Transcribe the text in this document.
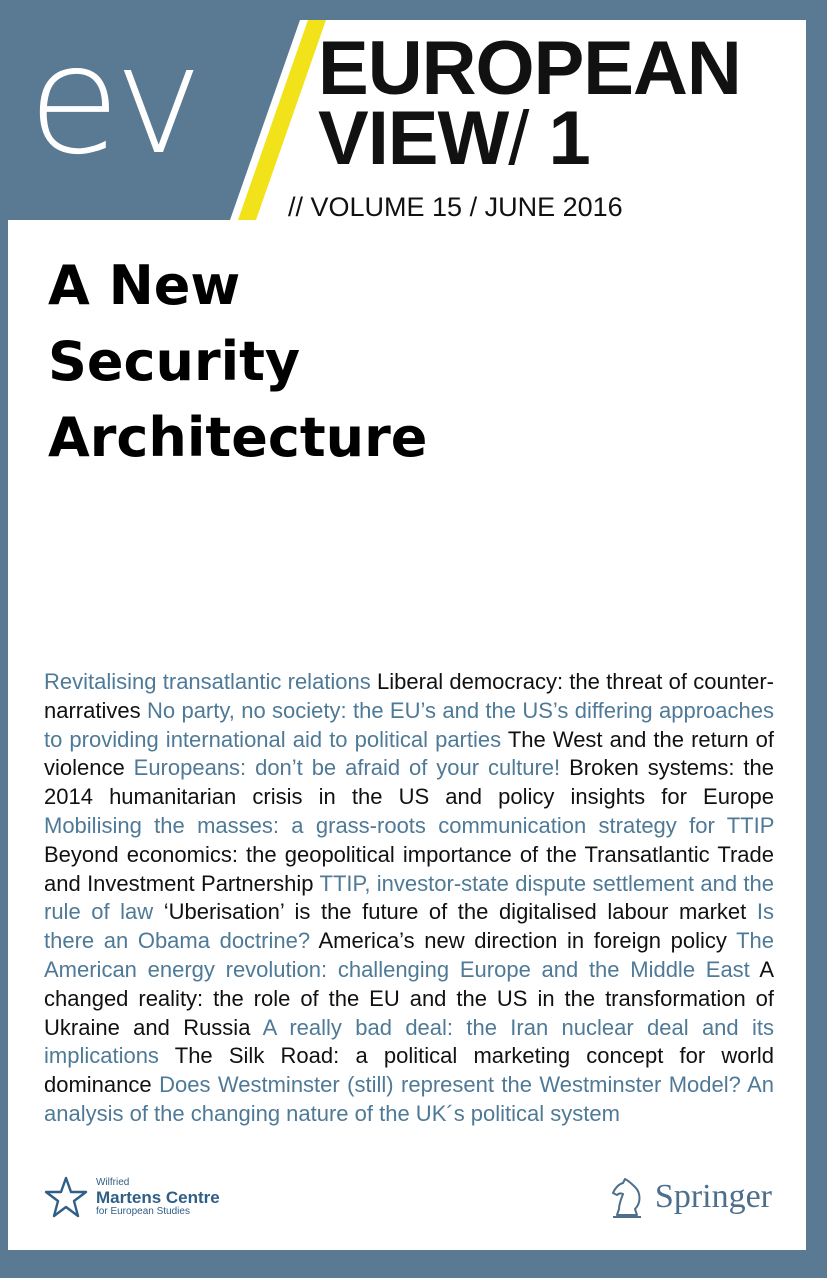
ev EUROPEAN
VIEW/ 1
// VOLUME 15 / JUNE 2016
A New
Security
Architecture
Revitalising transatlantic relations Liberal democracy: the threat of counter-narratives No party, no society: the EU’s and the US’s differing approaches to providing international aid to political parties The West and the return of violence Europeans: don’t be afraid of your culture! Broken systems: the 2014 humanitarian crisis in the US and policy insights for Europe Mobilising the masses: a grass-roots communication strategy for TTIP Beyond economics: the geopolitical importance of the Transatlantic Trade and Investment Partnership TTIP, investor-state dispute settlement and the rule of law ‘Uberisation’ is the future of the digitalised labour market Is there an Obama doctrine? America’s new direction in foreign policy The American energy revolution: challenging Europe and the Middle East A changed reality: the role of the EU and the US in the transformation of Ukraine and Russia A really bad deal: the Iran nuclear deal and its implications The Silk Road: a political marketing concept for world dominance Does Westminster (still) represent the Westminster Model? An analysis of the changing nature of the UK´s political system
Wilfried
Martens Centre
for European Studies	Springer
